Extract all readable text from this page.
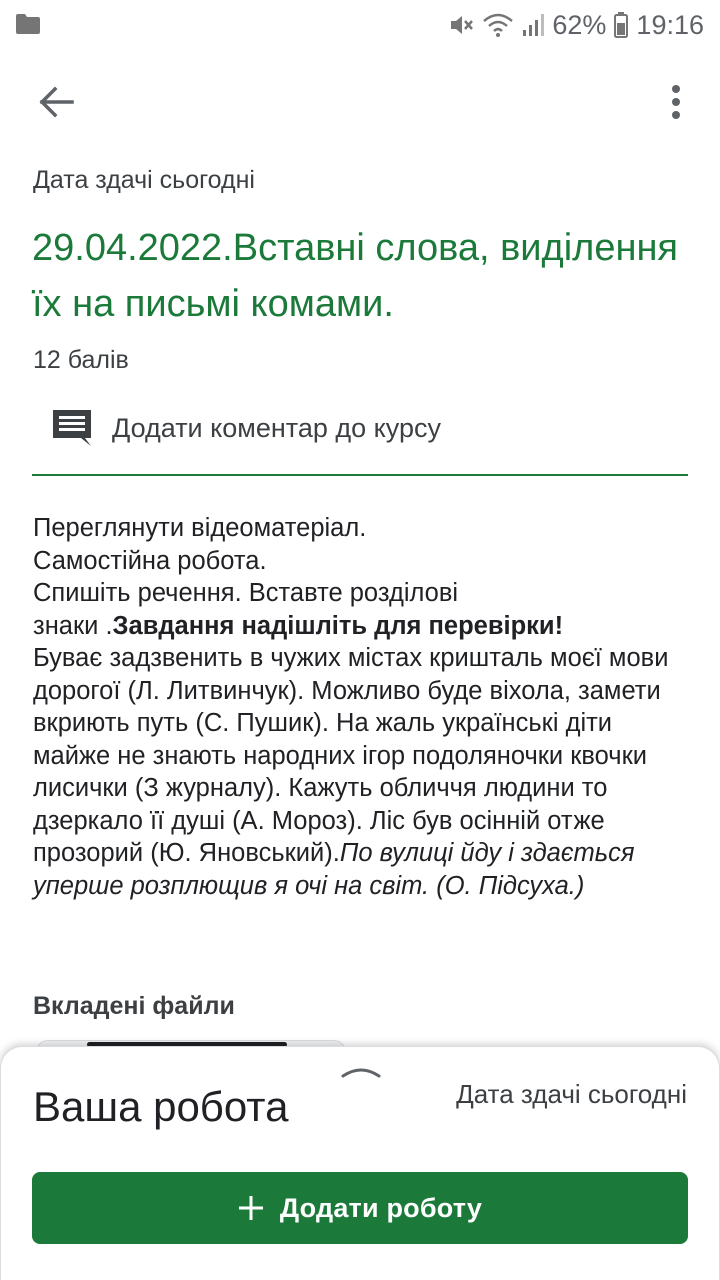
62% 19:16
Дата здачі сьогодні
29.04.2022.Вставні слова, виділення їх на письмі комами.
12 балів
Додати коментар до курсу
Переглянути відеоматеріал.
Самостійна робота.
Спишіть речення. Вставте розділові
знаки .Завдання надішліть для перевірки!
Буває задзвенить в чужих містах кришталь моєї мови дорогої (Л. Литвинчук). Можливо буде віхола, замети вкриють путь (С. Пушик). На жаль українські діти майже не знають народних ігор подоляночки квочки лисички (З журналу). Кажуть обличчя людини то дзеркало її душі (А. Мороз). Ліс був осінній отже прозорий (Ю. Яновський).По вулиці йду і здається уперше розплющив я очі на світ. (О. Підсуха.)
Вкладені файли
Ваша робота	Дата здачі сьогодні
Додати роботу
